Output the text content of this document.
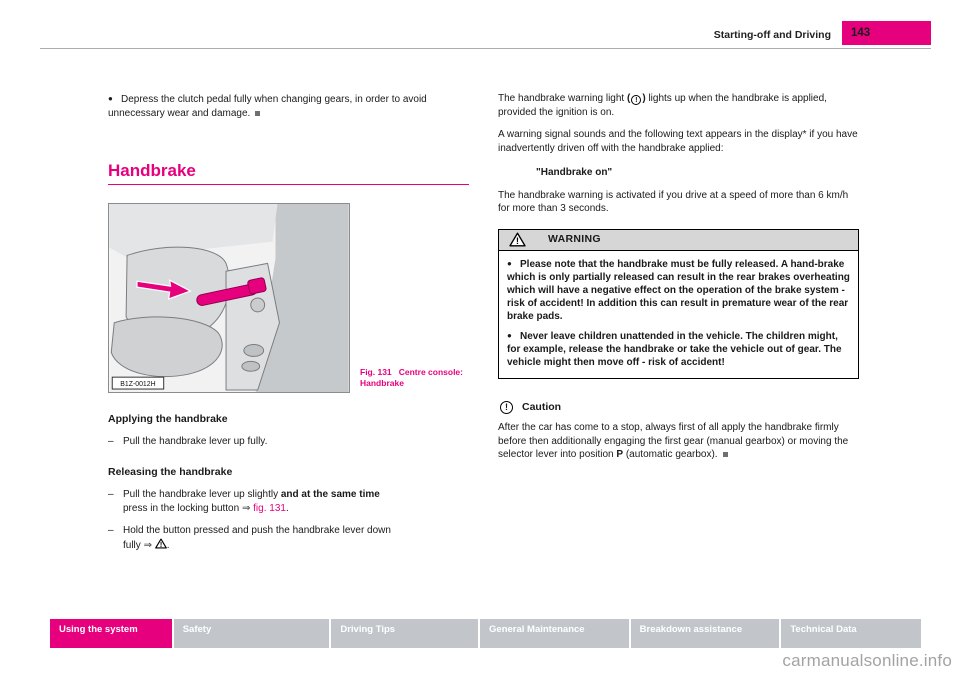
Starting-off and Driving	143
● Depress the clutch pedal fully when changing gears, in order to avoid unnecessary wear and damage.
Handbrake
B1Z-0012H
Fig. 131 Centre console: Handbrake
Applying the handbrake
– Pull the handbrake lever up fully.
Releasing the handbrake
– Pull the handbrake lever up slightly and at the same time
press in the locking button ⇒ fig. 131.
– Hold the button pressed and push the handbrake lever down
fully ⇒ ! .
The handbrake warning light ( ! ) lights up when the handbrake is applied, provided the ignition is on.
A warning signal sounds and the following text appears in the display* if you have inadvertently driven off with the handbrake applied:
"Handbrake on"
The handbrake warning is activated if you drive at a speed of more than 6 km/h for more than 3 seconds.
!	WARNING
● Please note that the handbrake must be fully released. A hand-brake which is only partially released can result in the rear brakes overheating which will have a negative effect on the operation of the brake system - risk of accident! In addition this can result in premature wear of the rear brake pads.
● Never leave children unattended in the vehicle. The children might, for example, release the handbrake or take the vehicle out of gear. The vehicle might then move off - risk of accident!
!	Caution
After the car has come to a stop, always first of all apply the handbrake firmly before then additionally engaging the first gear (manual gearbox) or moving the selector lever into position P (automatic gearbox).
Using the system	Safety	Driving Tips	General Maintenance	Breakdown assistance	Technical Data
carmanualsonline.info
